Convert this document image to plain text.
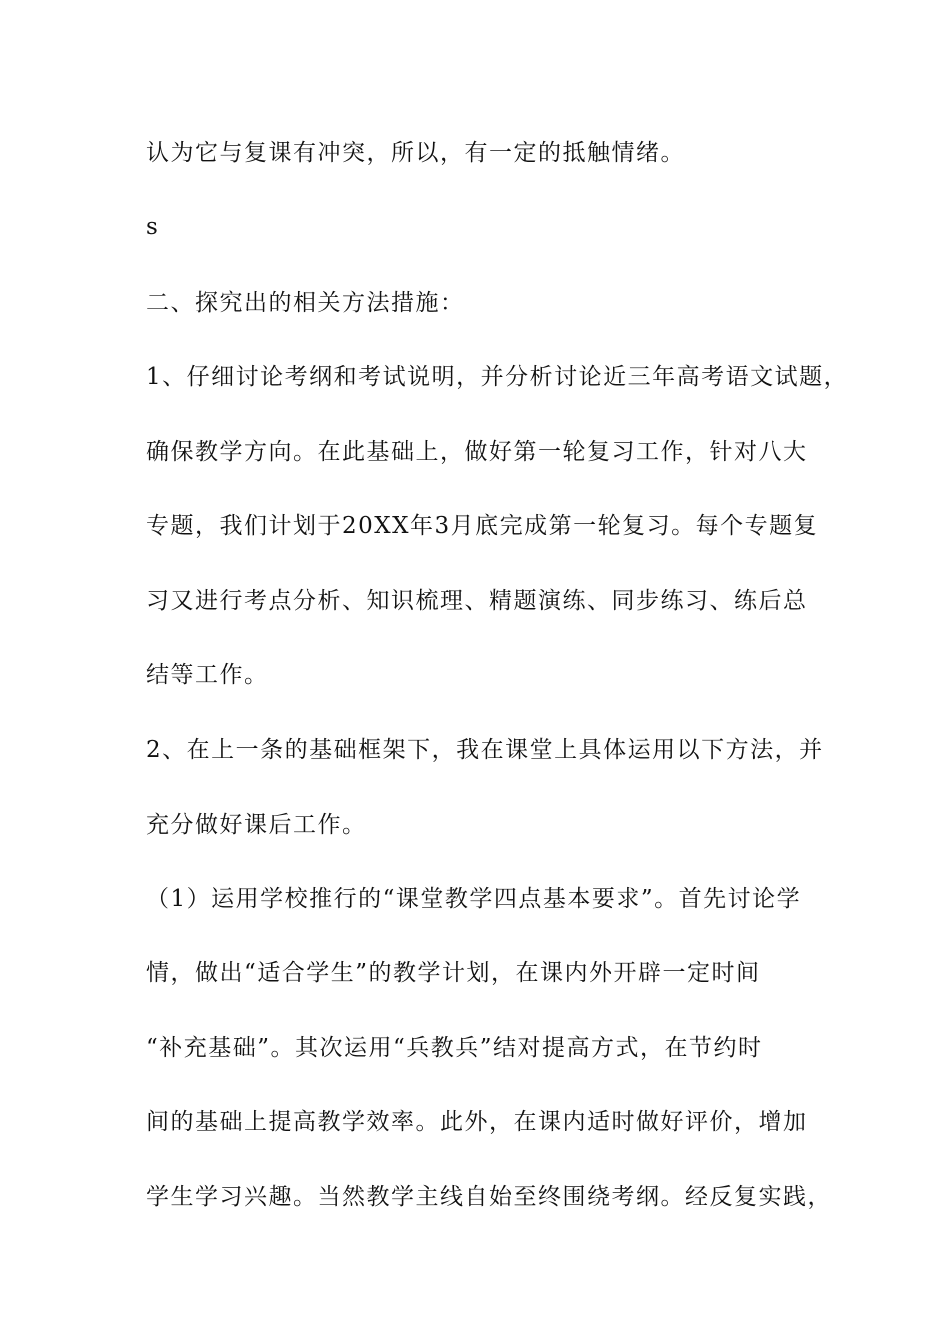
认为它与复课有冲突，所以，有一定的抵触情绪。
s
二、探究出的相关方法措施：
1、仔细讨论考纲和考试说明，并分析讨论近三年高考语文试题，
确保教学方向。在此基础上，做好第一轮复习工作，针对八大
专题，我们计划于20XX年3月底完成第一轮复习。每个专题复
习又进行考点分析、知识梳理、精题演练、同步练习、练后总
结等工作。
2、在上一条的基础框架下，我在课堂上具体运用以下方法，并
充分做好课后工作。
（1）运用学校推行的“课堂教学四点基本要求”。首先讨论学
情，做出“适合学生”的教学计划，在课内外开辟一定时间
“补充基础”。其次运用“兵教兵”结对提高方式，在节约时
间的基础上提高教学效率。此外，在课内适时做好评价，增加
学生学习兴趣。当然教学主线自始至终围绕考纲。经反复实践，
